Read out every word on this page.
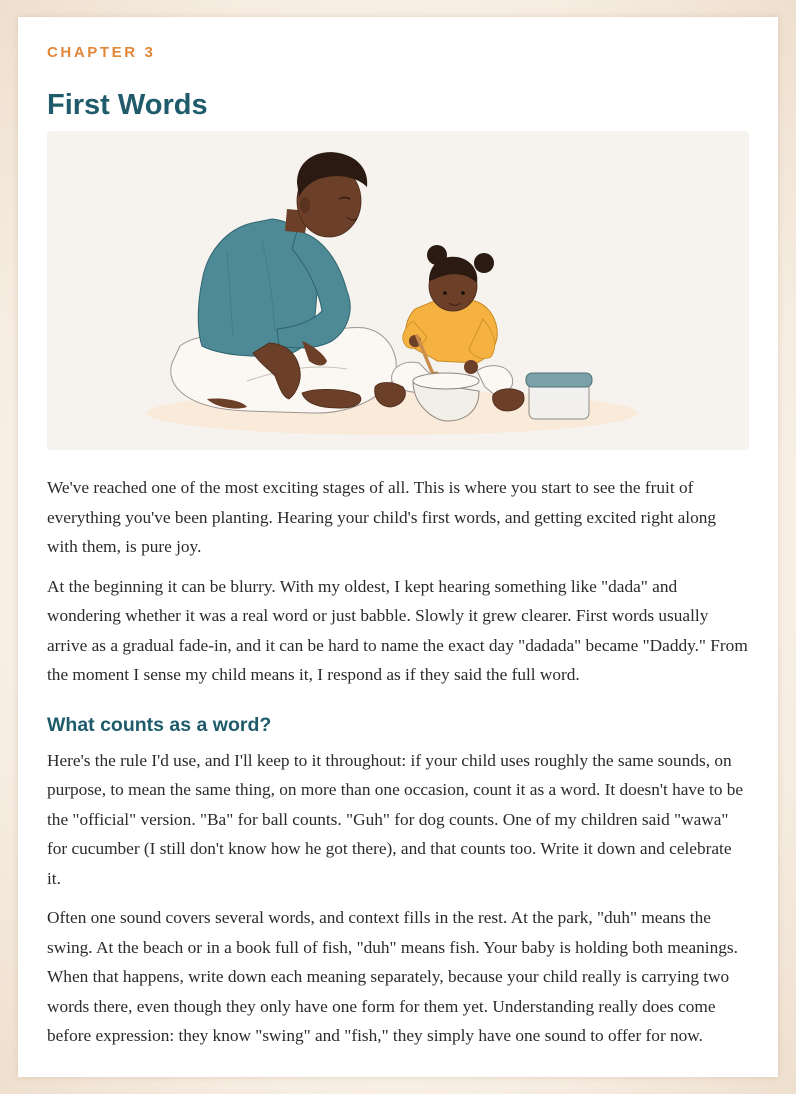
CHAPTER 3
First Words

We've reached one of the most exciting stages of all. This is where you start to see the fruit of everything you've been planting. Hearing your child's first words, and getting excited right along with them, is pure joy.

At the beginning it can be blurry. With my oldest, I kept hearing something like "dada" and wondering whether it was a real word or just babble. Slowly it grew clearer. First words usually arrive as a gradual fade-in, and it can be hard to name the exact day "dadada" became "Daddy." From the moment I sense my child means it, I respond as if they said the full word.

What counts as a word?

Here's the rule I'd use, and I'll keep to it throughout: if your child uses roughly the same sounds, on purpose, to mean the same thing, on more than one occasion, count it as a word. It doesn't have to be the "official" version. "Ba" for ball counts. "Guh" for dog counts. One of my children said "wawa" for cucumber (I still don't know how he got there), and that counts too. Write it down and celebrate it.

Often one sound covers several words, and context fills in the rest. At the park, "duh" means the swing. At the beach or in a book full of fish, "duh" means fish. Your baby is holding both meanings. When that happens, write down each meaning separately, because your child really is carrying two words there, even though they only have one form for them yet. Understanding really does come before expression: they know "swing" and "fish," they simply have one sound to offer for now.
